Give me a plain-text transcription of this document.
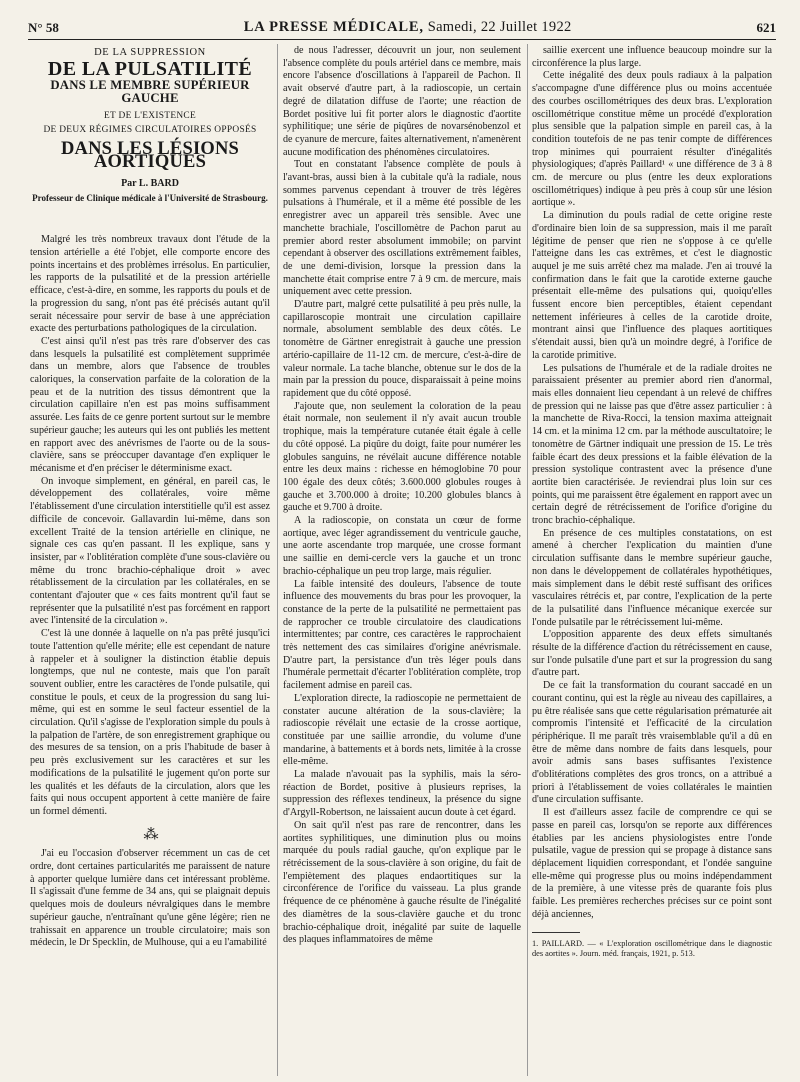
N° 58	LA PRESSE MÉDICALE, Samedi, 22 Juillet 1922	621
DE LA SUPPRESSION
DE LA PULSATILITÉ
DANS LE MEMBRE SUPÉRIEUR GAUCHE
ET DE L'EXISTENCE
DE DEUX RÉGIMES CIRCULATOIRES OPPOSÉS
DANS LES LÉSIONS AORTIQUES
Par L. BARD
Professeur de Clinique médicale à l'Université de Strasbourg.

Malgré les très nombreux travaux dont l'étude de la tension artérielle a été l'objet, elle comporte encore des points incertains et des problèmes irrésolus. En particulier, les rapports de la pulsatilité et de la pression artérielle efficace, c'est-à-dire, en somme, les rapports du pouls et de la progression du sang, n'ont pas été précisés autant qu'il serait nécessaire pour servir de base à une appréciation exacte des perturbations pathologiques de la circulation.

C'est ainsi qu'il n'est pas très rare d'observer des cas dans lesquels la pulsatilité est complètement supprimée dans un membre, alors que l'absence de troubles caloriques, la conservation parfaite de la coloration de la peau et de la nutrition des tissus démontrent que la circulation capillaire n'en est pas moins suffisamment assurée. Les faits de ce genre portent surtout sur le membre supérieur gauche; les auteurs qui les ont publiés les mettent en rapport avec des anévrismes de l'aorte ou de la sous-clavière, sans se préoccuper davantage d'en expliquer le mécanisme et d'en préciser le déterminisme exact.

On invoque simplement, en général, en pareil cas, le développement des collatérales, voire même l'établissement d'une circulation interstitielle qu'il est assez difficile de concevoir. Gallavardin lui-même, dans son excellent Traité de la tension artérielle en clinique, ne signale ces cas qu'en passant. Il les explique, sans y insister, par « l'oblitération complète d'une sous-clavière ou même du tronc brachio-céphalique droit » avec rétablissement de la circulation par les collatérales, en se contentant d'ajouter que « ces faits montrent qu'il faut se représenter que la pulsatilité n'est pas forcément en rapport avec l'intensité de la circulation ».

C'est là une donnée à laquelle on n'a pas prêté jusqu'ici toute l'attention qu'elle mérite; elle est cependant de nature à rappeler et à souligner la distinction établie depuis longtemps, que nul ne conteste, mais que l'on paraît souvent oublier, entre les caractères de l'onde pulsatile, qui constitue le pouls, et ceux de la progression du sang lui-même, qui est en somme le seul facteur essentiel de la circulation. Qu'il s'agisse de l'exploration simple du pouls à la palpation de l'artère, de son enregistrement graphique ou des mesures de sa tension, on a pris l'habitude de baser à peu près exclusivement sur les caractères et sur les modifications de la pulsatilité le jugement qu'on porte sur les qualités et les défauts de la circulation, alors que les faits qui nous occupent apportent à cette manière de faire un formel démenti.

⁂

J'ai eu l'occasion d'observer récemment un cas de cet ordre, dont certaines particularités me paraissent de nature à apporter quelque lumière dans cet intéressant problème. Il s'agissait d'une femme de 34 ans, qui se plaignait depuis quelques mois de douleurs névralgiques dans le membre supérieur gauche, n'entraînant qu'une gêne légère; rien ne trahissait en apparence un trouble circulatoire; mais son médecin, le Dr Specklin, de Mulhouse, qui a eu l'amabilité

de nous l'adresser, découvrit un jour, non seulement l'absence complète du pouls artériel dans ce membre, mais encore l'absence d'oscillations à l'appareil de Pachon. Il avait observé d'autre part, à la radioscopie, un certain degré de dilatation diffuse de l'aorte; une réaction de Bordet positive lui fit porter alors le diagnostic d'aortite syphilitique; une série de piqûres de novarsénobenzol et de cyanure de mercure, faites alternativement, n'amenèrent aucune modification des phénomènes circulatoires.

Tout en constatant l'absence complète de pouls à l'avant-bras, aussi bien à la cubitale qu'à la radiale, nous sommes parvenus cependant à trouver de très légères pulsations à l'humérale, et il a même été possible de les enregistrer avec un appareil très sensible. Avec une manchette brachiale, l'oscillomètre de Pachon parut au premier abord rester absolument immobile; on parvint cependant à observer des oscillations extrêmement faibles, de une demi-division, lorsque la pression dans la manchette était comprise entre 7 à 9 cm. de mercure, mais uniquement avec cette pression.

D'autre part, malgré cette pulsatilité à peu près nulle, la capillaroscopie montrait une circulation capillaire normale, absolument semblable des deux côtés. Le tonomètre de Gärtner enregistrait à gauche une pression artério-capillaire de 11-12 cm. de mercure, c'est-à-dire de valeur normale. La tache blanche, obtenue sur le dos de la main par la pression du pouce, disparaissait à peine moins rapidement que du côté opposé.

J'ajoute que, non seulement la coloration de la peau était normale, non seulement il n'y avait aucun trouble trophique, mais la température cutanée était égale à celle du côté opposé. La piqûre du doigt, faite pour numérer les globules sanguins, ne révélait aucune différence notable entre les deux mains : richesse en hémoglobine 70 pour 100 égale des deux côtés; 3.600.000 globules rouges à gauche et 3.700.000 à droite; 10.200 globules blancs à gauche et 9.700 à droite.

A la radioscopie, on constata un cœur de forme aortique, avec léger agrandissement du ventricule gauche, une aorte ascendante trop marquée, une crosse formant une saillie en demi-cercle vers la gauche et un tronc brachio-céphalique un peu trop large, mais régulier.

La faible intensité des douleurs, l'absence de toute influence des mouvements du bras pour les provoquer, la constance de la perte de la pulsatilité ne permettaient pas de rapprocher ce trouble circulatoire des claudications intermittentes; par contre, ces caractères le rapprochaient très nettement des cas similaires d'origine anévrismale. D'autre part, la persistance d'un très léger pouls dans l'humérale permettait d'écarter l'oblitération complète, trop facilement admise en pareil cas.

L'exploration directe, la radioscopie ne permettaient de constater aucune altération de la sous-clavière; la radioscopie révélait une ectasie de la crosse aortique, constituée par une saillie arrondie, du volume d'une mandarine, à battements et à bords nets, limitée à la crosse elle-même.

La malade n'avouait pas la syphilis, mais la séro-réaction de Bordet, positive à plusieurs reprises, la suppression des réflexes tendineux, la présence du signe d'Argyll-Robertson, ne laissaient aucun doute à cet égard.

On sait qu'il n'est pas rare de rencontrer, dans les aortites syphilitiques, une diminution plus ou moins marquée du pouls radial gauche, qu'on explique par le rétrécissement de la sous-clavière à son origine, du fait de l'empiètement des plaques endaortitiques sur la circonférence de l'orifice du vaisseau. La plus grande fréquence de ce phénomène à gauche résulte de l'inégalité des diamètres de la sous-clavière gauche et du tronc brachio-céphalique droit, inégalité par suite de laquelle des plaques inflammatoires de même

saillie exercent une influence beaucoup moindre sur la circonférence la plus large.

Cette inégalité des deux pouls radiaux à la palpation s'accompagne d'une différence plus ou moins accentuée des courbes oscillométriques des deux bras. L'exploration oscillométrique constitue même un procédé d'exploration plus sensible que la palpation simple en pareil cas, à la condition toutefois de ne pas tenir compte de différences trop minimes qui pourraient résulter d'inégalités physiologiques; d'après Paillard¹ « une différence de 3 à 8 cm. de mercure ou plus (entre les deux explorations oscillométriques) indique à peu près à coup sûr une lésion aortique ».

La diminution du pouls radial de cette origine reste d'ordinaire bien loin de sa suppression, mais il me paraît légitime de penser que rien ne s'oppose à ce qu'elle l'atteigne dans les cas extrêmes, et c'est le diagnostic auquel je me suis arrêté chez ma malade. J'en ai trouvé la confirmation dans le fait que la carotide externe gauche présentait elle-même des pulsations qui, quoiqu'elles fussent encore bien perceptibles, étaient cependant nettement inférieures à celles de la carotide droite, montrant ainsi que l'influence des plaques aortitiques s'étendait aussi, bien qu'à un moindre degré, à l'orifice de la carotide primitive.

Les pulsations de l'humérale et de la radiale droites ne paraissaient présenter au premier abord rien d'anormal, mais elles donnaient lieu cependant à un relevé de chiffres de pression qui ne laisse pas que d'être assez particulier : à la manchette de Riva-Rocci, la tension maxima atteignait 14 cm. et la minima 12 cm. par la méthode auscultatoire; le tonomètre de Gärtner indiquait une pression de 15. Le très faible écart des deux pressions et la faible élévation de la pression systolique contrastent avec la présence d'une aortite bien caractérisée. Je reviendrai plus loin sur ces points, qui me paraissent être également en rapport avec un certain degré de rétrécissement de l'orifice d'origine du tronc brachio-céphalique.

En présence de ces multiples constatations, on est amené à chercher l'explication du maintien d'une circulation suffisante dans le membre supérieur gauche, non dans le développement de collatérales hypothétiques, mais simplement dans le débit resté suffisant des orifices vasculaires rétrécis et, par contre, l'explication de la perte de la pulsatilité dans l'influence mécanique exercée sur l'onde pulsatile par le rétrécissement lui-même.

L'opposition apparente des deux effets simultanés résulte de la différence d'action du rétrécissement en cause, sur l'onde pulsatile d'une part et sur la progression du sang d'autre part.

De ce fait la transformation du courant saccadé en un courant continu, qui est la règle au niveau des capillaires, a pu être réalisée sans que cette régularisation prématurée ait compromis l'intensité et l'efficacité de la circulation périphérique. Il me paraît très vraisemblable qu'il a dû en être de même dans nombre de faits dans lesquels, pour avoir admis sans bases suffisantes l'existence d'oblitérations complètes des gros troncs, on a attribué a priori à l'établissement de voies collatérales le maintien d'une circulation suffisante.

Il est d'ailleurs assez facile de comprendre ce qui se passe en pareil cas, lorsqu'on se reporte aux différences établies par les anciens physiologistes entre l'onde pulsatile, vague de pression qui se propage à distance sans déplacement liquidien correspondant, et l'ondée sanguine elle-même qui progresse plus ou moins indépendamment de la première, à une vitesse près de quarante fois plus faible. Les premières recherches précises sur ce point sont déjà anciennes,

1. PAILLARD. — « L'exploration oscillométrique dans le diagnostic des aortites ». Journ. méd. français, 1921, p. 513.
